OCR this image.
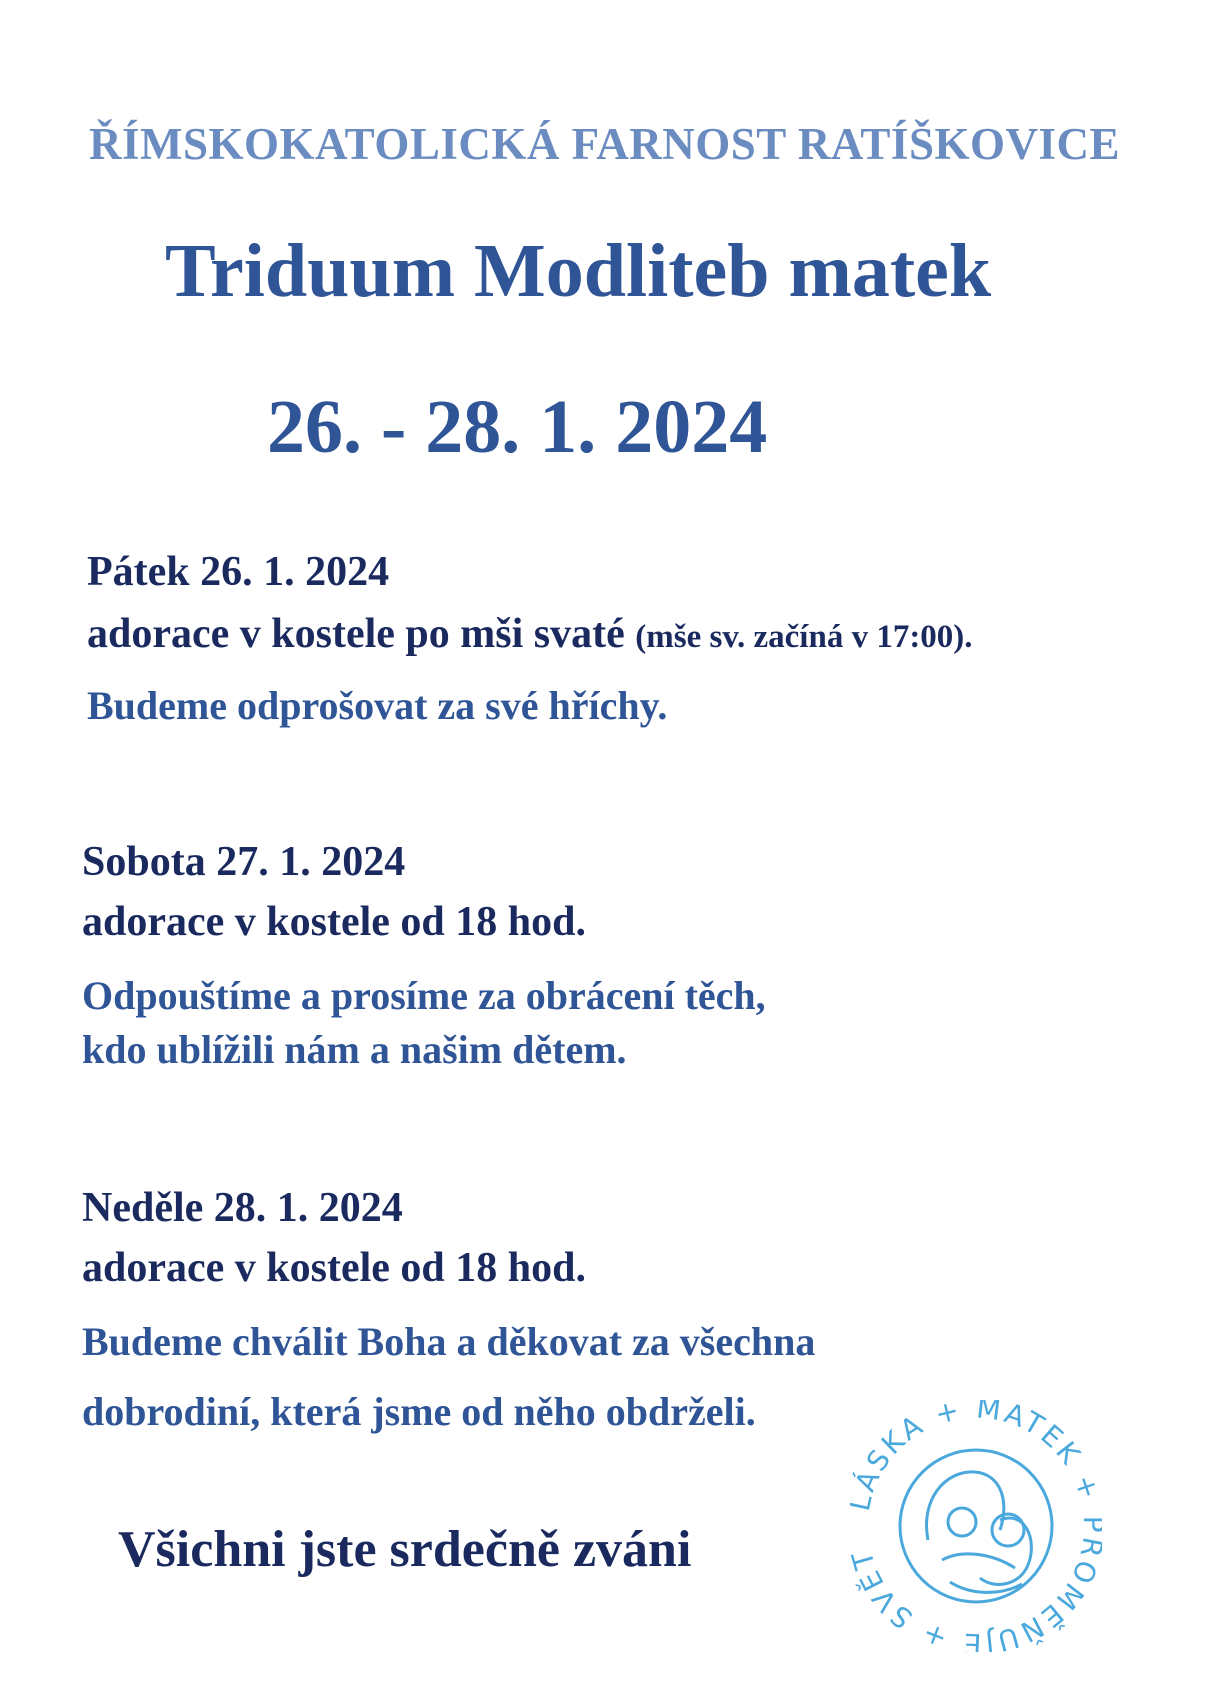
ŘÍMSKOKATOLICKÁ FARNOST RATÍŠKOVICE
Triduum Modliteb matek
26. - 28. 1. 2024
Pátek 26. 1. 2024
adorace v kostele po mši svaté (mše sv. začíná v 17:00).
Budeme odprošovat za své hříchy.
Sobota 27. 1. 2024
adorace v kostele od 18 hod.
Odpouštíme a prosíme za obrácení těch,
kdo ublížili nám a našim dětem.
Neděle 28. 1. 2024
adorace v kostele od 18 hod.
Budeme chválit Boha a děkovat za všechna
dobrodiní, která jsme od něho obdrželi.
Všichni jste srdečně zváni
ÁSKA + MATEK OMĚŇUJE + SVĚ
